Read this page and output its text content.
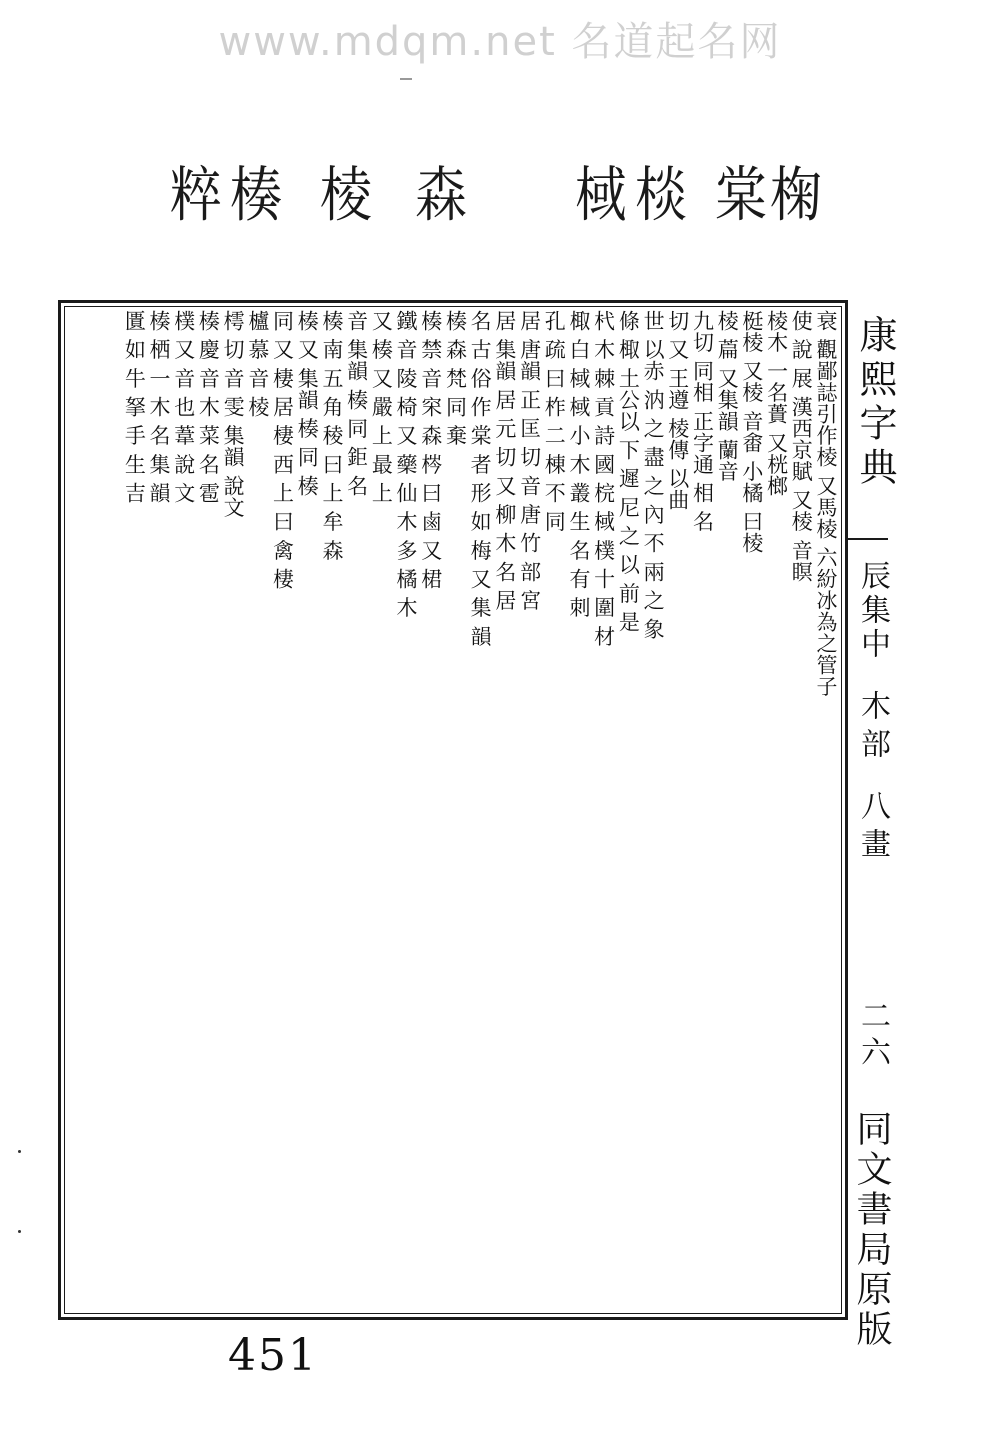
www.mdqm.net 名道起名网
粹 楱 棱 森 棫 棪 棠 椈
衰 觀鄙誌引作棱 又馬棱 六紛冰為之管子
使 說 展 漢西京賦 又棱 音瞑
棱木 一名蕢 又桄榔
梃棱 又棱 音畬 小橘 曰棱
棱 萹 又集韻 蘭音
九切 同相 正字通 相 名
切 又 王遵 棱傳 以曲
世 以赤 汭 之 盡 之 內 不 兩 之 象
條 棷 土公以 下 遲 尼 之 以 前 是
杙 木 棘 貢 詩 國 梡 棫 樸 十 圍 材
棷 白 棫 棫 小 木 叢 生 名 有 刺
孔 疏 曰 柞 二 棟 不 同
居 唐韻 正 匡 切 音 唐 竹 部 宮
居 集韻 居 元 切 又 柳 木 名 居
名 古 俗 作 棠 者 形 如 梅 又 集 韻
楱 森 梵 同 棄
楱 禁 音 穼 森 梣 曰 鹵 又 桾
鐵 音 陵 椅 又 藥 仙 木 多 橘 木
又 楱 又 嚴 上 最 上
音 集韻 楱 同 鉅 名
楱 南 五 角 稜 曰 上 牟 森
楱 又 集韻 楱 同 楱
同 又 棲 居 棲 西 上 曰 禽 棲
櫨 慕 音 棱
樗 切 音 雯 集韻 說文
楱 慶 音 木 菜 名 雹
樸 又 音 也 葦 說 文
楱 栖 一 木 名 集 韻
匱 如 牛 拏 手 生 吉	康熙字典
辰集中
木部
八畫
二六
同文書局原版
451
